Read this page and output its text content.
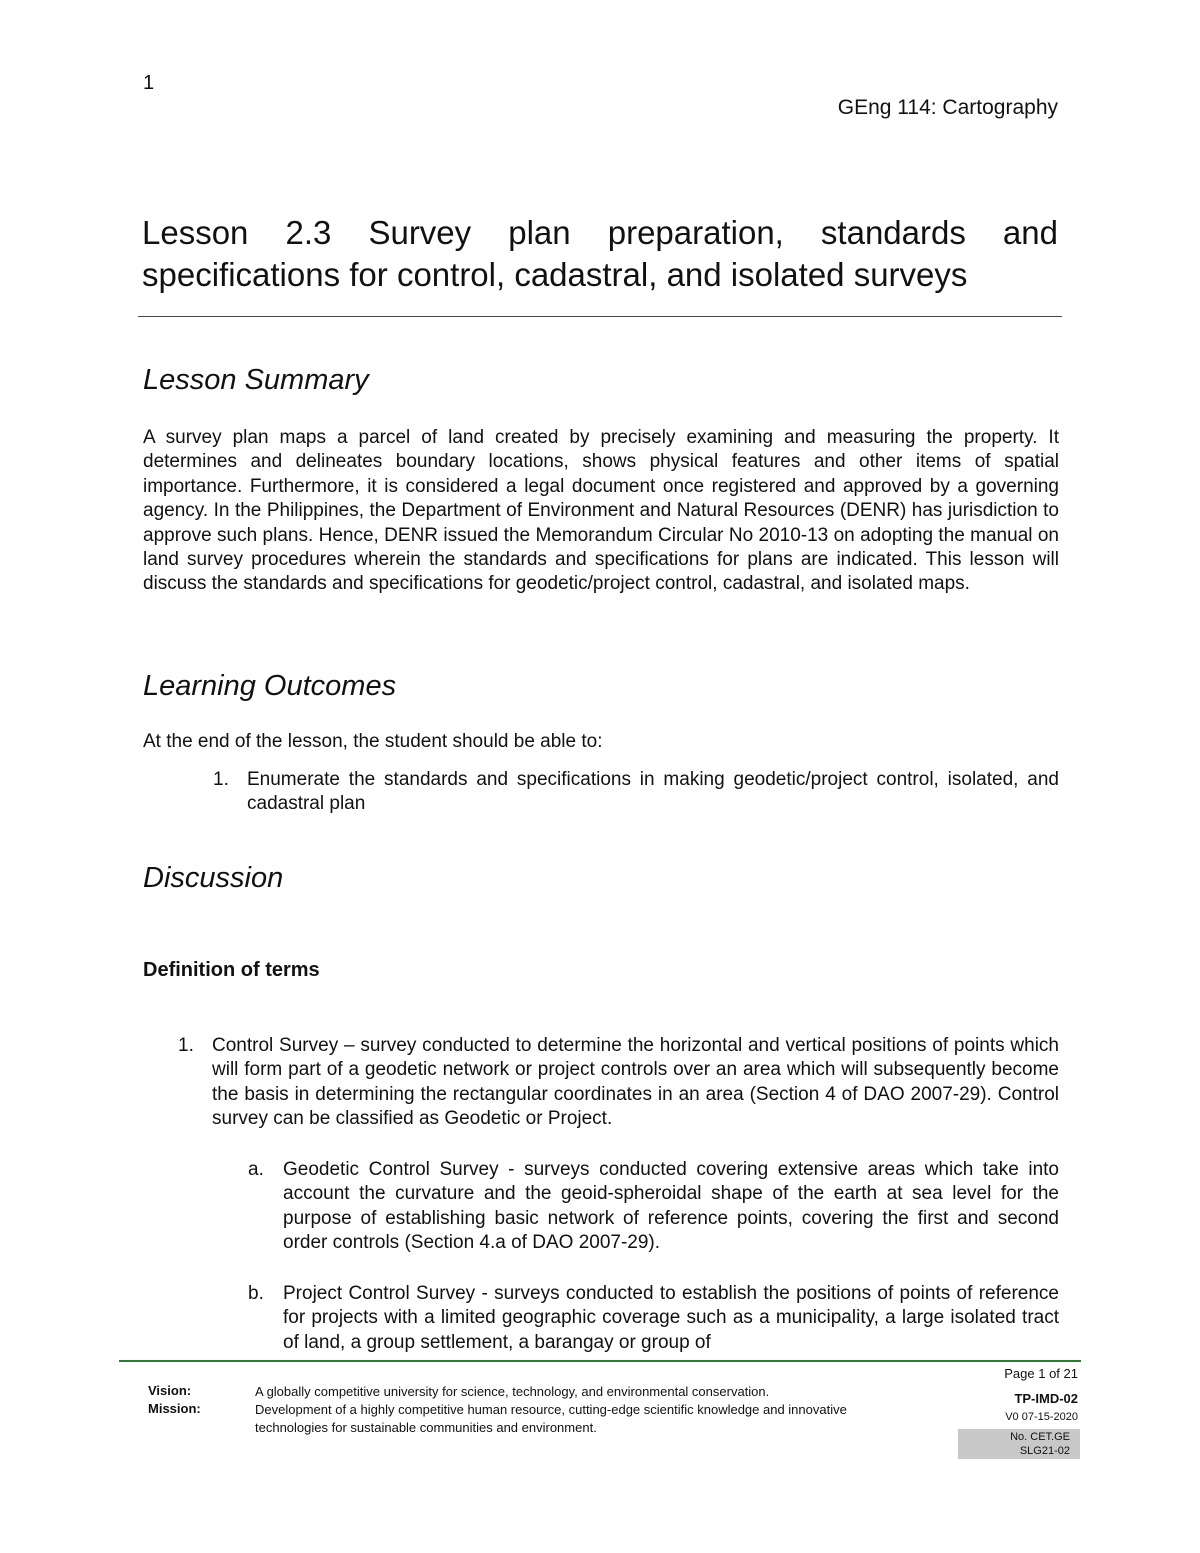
1
GEng 114: Cartography
Lesson 2.3 Survey plan preparation, standards and specifications for control, cadastral, and isolated surveys
Lesson Summary
A survey plan maps a parcel of land created by precisely examining and measuring the property. It determines and delineates boundary locations, shows physical features and other items of spatial importance. Furthermore, it is considered a legal document once registered and approved by a governing agency. In the Philippines, the Department of Environment and Natural Resources (DENR) has jurisdiction to approve such plans. Hence, DENR issued the Memorandum Circular No 2010-13 on adopting the manual on land survey procedures wherein the standards and specifications for plans are indicated. This lesson will discuss the standards and specifications for geodetic/project control, cadastral, and isolated maps.
Learning Outcomes
At the end of the lesson, the student should be able to:
1. Enumerate the standards and specifications in making geodetic/project control, isolated, and cadastral plan
Discussion
Definition of terms
1. Control Survey – survey conducted to determine the horizontal and vertical positions of points which will form part of a geodetic network or project controls over an area which will subsequently become the basis in determining the rectangular coordinates in an area (Section 4 of DAO 2007-29). Control survey can be classified as Geodetic or Project.
a. Geodetic Control Survey - surveys conducted covering extensive areas which take into account the curvature and the geoid-spheroidal shape of the earth at sea level for the purpose of establishing basic network of reference points, covering the first and second order controls (Section 4.a of DAO 2007-29).
b. Project Control Survey - surveys conducted to establish the positions of points of reference for projects with a limited geographic coverage such as a municipality, a large isolated tract of land, a group settlement, a barangay or group of
Vision:	A globally competitive university for science, technology, and environmental conservation.
Mission:	Development of a highly competitive human resource, cutting-edge scientific knowledge and innovative technologies for sustainable communities and environment.
Page 1 of 21
TP-IMD-02
V0 07-15-2020
No. CET.GE
SLG21-02
